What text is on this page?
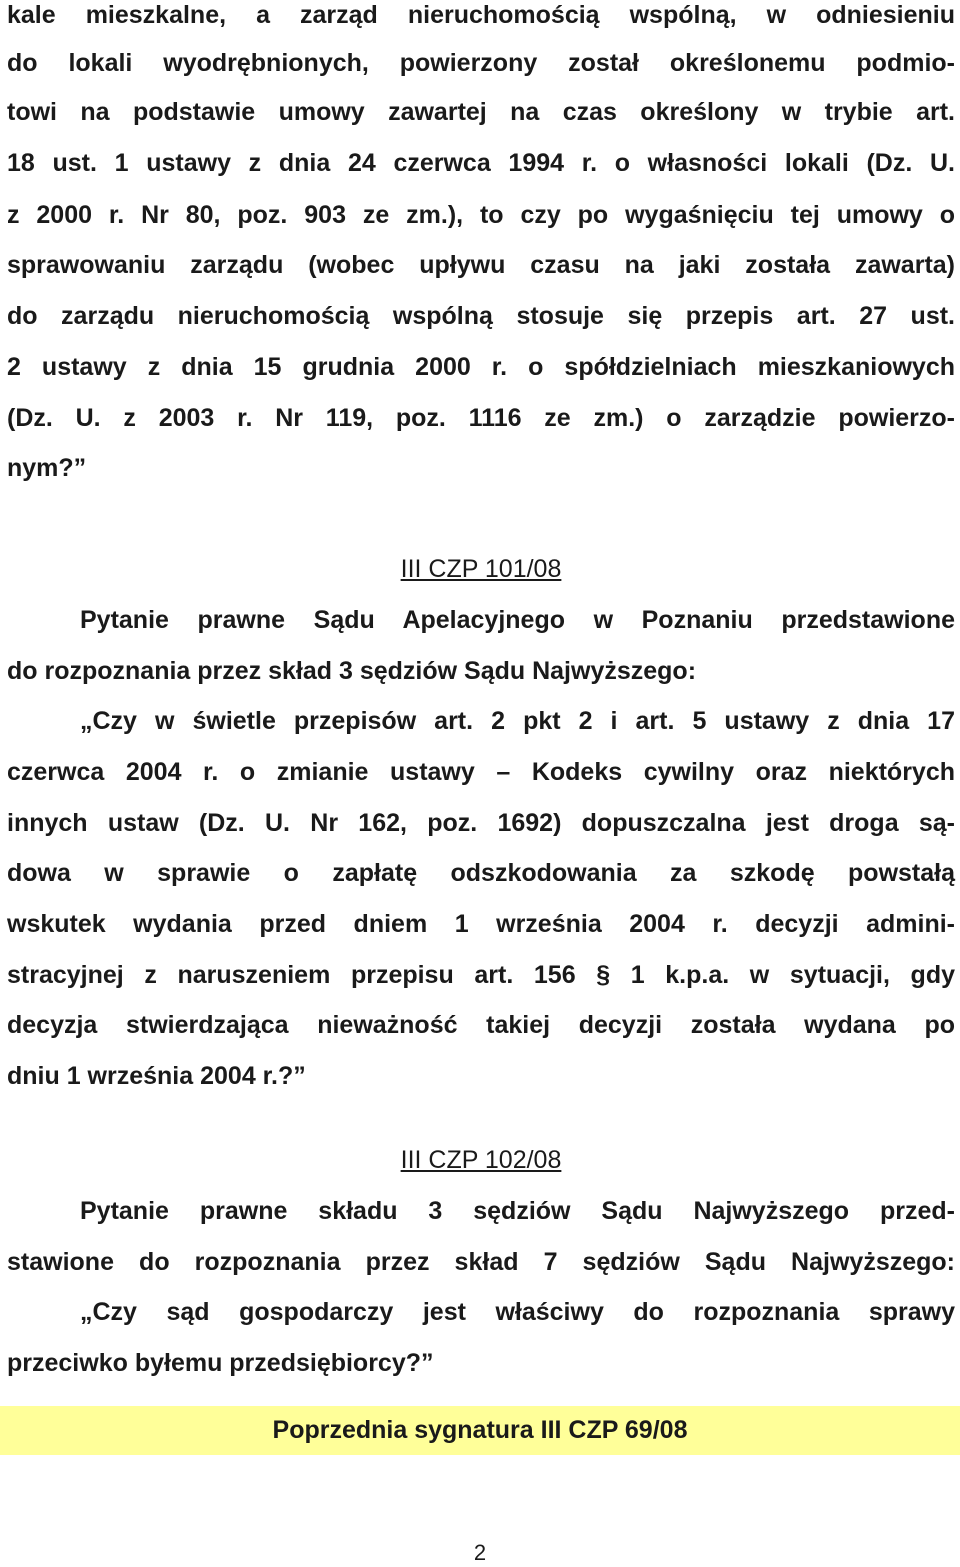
kale mieszkalne, a zarząd nieruchomością wspólną, w odniesieniu
do lokali wyodrębnionych, powierzony został określonemu podmio-
towi na podstawie umowy zawartej na czas określony w trybie art.
18 ust. 1 ustawy z dnia 24 czerwca 1994 r. o własności lokali (Dz. U.
z 2000 r. Nr 80, poz. 903 ze zm.), to czy po wygaśnięciu tej umowy o
sprawowaniu zarządu (wobec upływu czasu na jaki została zawarta)
do zarządu nieruchomością wspólną stosuje się przepis art. 27 ust.
2 ustawy z dnia 15 grudnia 2000 r. o spółdzielniach mieszkaniowych
(Dz. U. z 2003 r. Nr 119, poz. 1116 ze zm.) o zarządzie powierzo-
nym?”
III CZP 101/08
Pytanie prawne Sądu Apelacyjnego w Poznaniu przedstawione
do rozpoznania przez skład 3 sędziów Sądu Najwyższego:
„Czy w świetle przepisów art. 2 pkt 2 i art. 5 ustawy z dnia 17
czerwca 2004 r. o zmianie ustawy – Kodeks cywilny oraz niektórych
innych ustaw (Dz. U. Nr 162, poz. 1692) dopuszczalna jest droga są-
dowa w sprawie o zapłatę odszkodowania za szkodę powstałą
wskutek wydania przed dniem 1 września 2004 r. decyzji admini-
stracyjnej z naruszeniem przepisu art. 156 § 1 k.p.a. w sytuacji, gdy
decyzja stwierdzająca nieważność takiej decyzji została wydana po
dniu 1 września 2004 r.?”
III CZP 102/08
Pytanie prawne składu 3 sędziów Sądu Najwyższego przed-
stawione do rozpoznania przez skład 7 sędziów Sądu Najwyższego:
„Czy sąd gospodarczy jest właściwy do rozpoznania sprawy
przeciwko byłemu przedsiębiorcy?”
Poprzednia sygnatura III CZP 69/08
2
